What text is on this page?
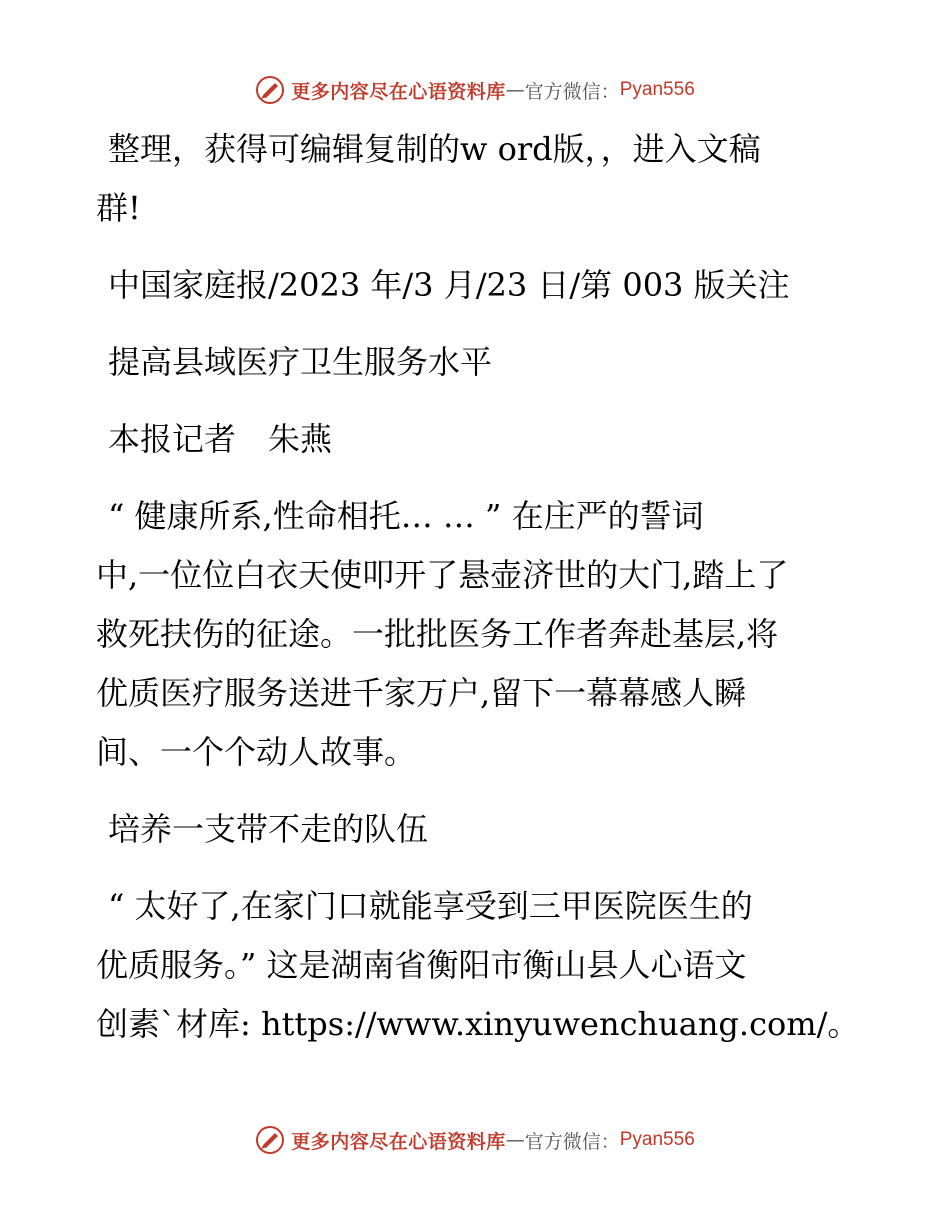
更多内容尽在心语资料库 — 官方微信： Pyan556
整理，获得可编辑复制的w ord版，，进入文稿
群!
中国家庭报/2023 年/3 月/23 日/第 003 版关注
提高县域医疗卫生服务水平
本报记者　朱燕
“ 健康所系,性命相托… … ” 在庄严的誓词
中,一位位白衣天使叩开了悬壶济世的大门,踏上了
救死扶伤的征途。一批批医务工作者奔赴基层,将
优质医疗服务送进千家万户,留下一幕幕感人瞬
间、一个个动人故事。
培养一支带不走的队伍
“ 太好了,在家门口就能享受到三甲医院医生的
优质服务。” 这是湖南省衡阳市衡山县人心语文
创素`材库: https://www.xinyuwenchuang.com/。
更多内容尽在心语资料库 — 官方微信： Pyan556
